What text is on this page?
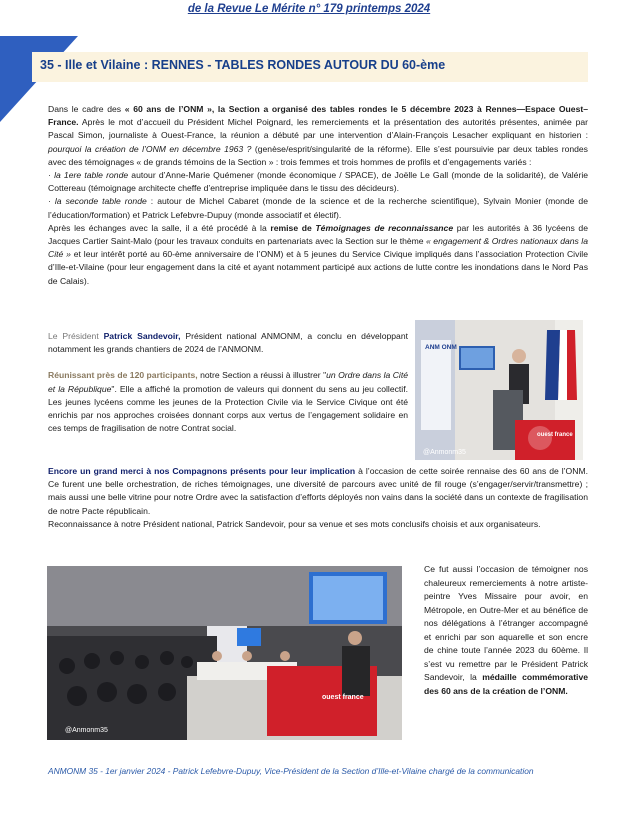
de la Revue Le Mérite n° 179 printemps 2024
35 - Ille et Vilaine : RENNES - TABLES RONDES AUTOUR DU 60-ème

Dans le cadre des « 60 ans de l’ONM », la Section a organisé des tables rondes le 5 décembre 2023 à Rennes—Espace Ouest– France. Après le mot d’accueil du Président Michel Poignard, les remerciements et la présentation des autorités présentes, animée par Pascal Simon, journaliste à Ouest-France, la réunion a débuté par une intervention d’Alain-François Lesacher expliquant en historien : pourquoi la création de l’ONM en décembre 1963 ? (genèse/esprit/singularité de la réforme). Elle s’est poursuivie par deux tables rondes avec des témoignages « de grands témoins de la Section » : trois femmes et trois hommes de profils et d’engagements variés :

· la 1ere table ronde autour d’Anne-Marie Quémener (monde économique / SPACE), de Joëlle Le Gall (monde de la solidarité), de Valérie Cottereau (témoignage architecte cheffe d’entreprise impliquée dans le tissu des décideurs).

· la seconde table ronde : autour de Michel Cabaret (monde de la science et de la recherche scientifique), Sylvain Monier (monde de l’éducation/formation) et Patrick Lefebvre-Dupuy (monde associatif et électif).

Après les échanges avec la salle, il a été procédé à la remise de Témoignages de reconnaissance par les autorités à 36 lycéens de Jacques Cartier Saint-Malo (pour les travaux conduits en partenariats avec la Section sur le thème « engagement & Ordres nationaux dans la Cité » et leur intérêt porté au 60-ème anniversaire de l’ONM) et à 5 jeunes du Service Civique impliqués dans l’association Protection Civile d’Ille-et-Vilaine (pour leur engagement dans la cité et ayant notamment participé aux actions de lutte contre les inondations dans le Nord Pas de Calais).

Le Président Patrick Sandevoir, Président national ANMONM, a conclu en développant notamment les grands chantiers de 2024 de l’ANMONM.

Réunissant près de 120 participants, notre Section a réussi à illustrer "un Ordre dans la Cité et la République". Elle a affiché la promotion de valeurs qui donnent du sens au jeu collectif. Les jeunes lycéens comme les jeunes de la Protection Civile via le Service Civique ont été enrichis par nos approches croisées donnant corps aux vertus de l’engagement solidaire en ces temps de fragilisation de notre Contrat social.

@Anmonm35
ANM ONM
ouest france

Encore un grand merci à nos Compagnons présents pour leur implication à l’occasion de cette soirée rennaise des 60 ans de l’ONM. Ce furent une belle orchestration, de riches témoignages, une diversité de parcours avec unité de fil rouge (s’engager/servir/transmettre) ; mais aussi une belle vitrine pour notre Ordre avec la satisfaction d’efforts déployés non vains dans la société dans un contexte de fragilisation de notre Pacte républicain.

Reconnaissance à notre Président national, Patrick Sandevoir, pour sa venue et ses mots conclusifs choisis et aux organisateurs.

@Anmonm35
ouest france
Ce fut aussi l’occasion de témoigner nos chaleureux remerciements à notre artiste-peintre Yves Missaire pour avoir, en Métropole, en Outre-Mer et au bénéfice de nos délégations à l’étranger accompagné et enrichi par son aquarelle et son encre de chine toute l’année 2023 du 60ème. Il s’est vu remettre par le Président Patrick Sandevoir, la médaille commémorative des 60 ans de la création de l’ONM.
ANMONM 35 - 1er janvier 2024 - Patrick Lefebvre-Dupuy, Vice-Président de la Section d’Ille-et-Vilaine chargé de la communication
